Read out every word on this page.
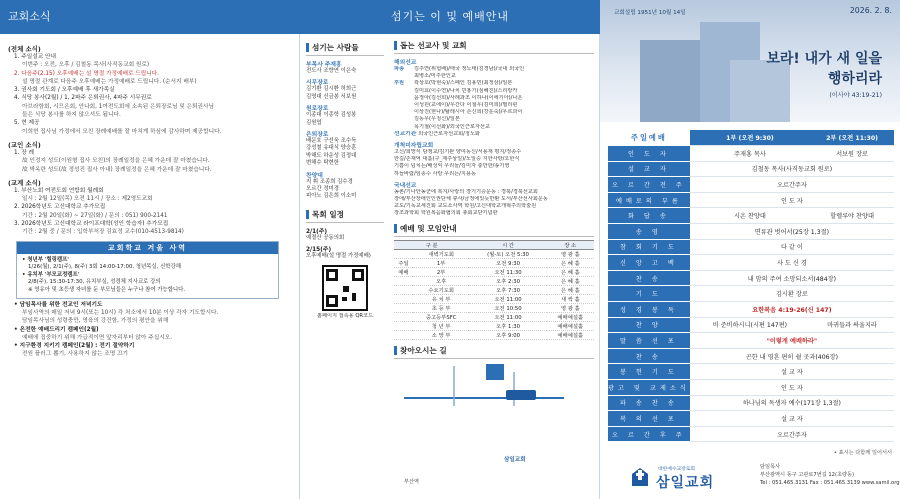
교회소식	섬기는 이 및 예배안내
(전체 소식)
1. 주일설교 안내
이번주 : 오전, 오후 / 김철동 목사(사직동교회 원로)
2. 다음주(2.15) 오후예배는 설 명절 가정예배로 드립니다.
설 명절 관계로 다음주 오후예배는 가정예배로 드립니다. (순서지 배부)
3. 권사회 기도회 / 오후예배 후 새가족실
4. 식당 봉사(2월) / 1, 2파주 은퇴권사, 4파주 시무권로
아브라함회, 시므온회, 안나회, 1여전도회에 소속된 은퇴장로님 및 은퇴권사님
들은 식당 봉사를 하지 않으셔도 됩니다.
5. 현 제공
이희현 집사님 가정에서 모친 장례예배를 잘 마치게 하심에 감사하며 제공합니다.
(교인 소식)
1. 장 례
故 인정지 성도(이원형 집사 모친)의 장례일정을 은혜 가운데 잘 마쳤습니다.
故 박옥란 성도(故 정성진 집사 아내) 장례일정을 은혜 가운데 잘 마쳤습니다.
(교계 소식)
1. 부산노회 여전도회 연합회 월례회
일시 : 2월 12일(목) 오전 11시 / 장소 : 제2영도교회
2. 2026학년도 고신대학교 추가모집
기간 : 2월 20일(화) ~ 27일(화) / 문의 : 051) 900-2141
3. 2026학년도 고신대학교 라이프대학(성인 학습자) 추가모집
기간 : 2월 중 / 문의 : 입학부처장 김효정 교수(010-4513-9814)
교회학교 겨울 사역
• 청년부 '힐링캠프'
1/26(월), 2/1(주), 8(주) 3회 14:00-17:00, 청년목실, 신학강해
• 유치부 '부모교정캠프'
2/8(주), 15:30-17:30, 유치부실, 성경체 지사교로 강의
※ 영유아 및 초등생 자녀를 둔 부모님들은 누구나 참여 가능합니다.
• 담임목사를 위한 전교인 저녁기도
부임사역의 매일 저녁 9시(또는 10시) 각 처소에서 10분 이상 각자 기도합시다.
담임목사님의 성령충만, 영육의 강건함, 가정의 평안을 위해
• 온전한 예배드리기 캠페인(2월)
예배에 집중하기 위해 가급적이면 앞자리부터 앉아 주십시오.
• 지구환경 지키기 캠페인(2월) : 전기 절약하기
전원 플러그 뽑기, 사용하지 않는 조명 끄기
섬기는 사람들
부목사 주재홍
전도사 조향연 이은숙
시무장로
김기환 김시환 허희근
김영대 신금봉 서보원
원로장로
이종대 이종학 김성봉
김원엽
은퇴장로
배문호 구선욱 조수득
강성철 유대식 양승훈
박해도 하운성 김정대
변해수 탁현한
찬양대
지 휘 조종희 김수경
오르간 정미경
피아노 김은희 이소미
목회 일정
2/1(주)
예결산 공동의회
2/15(주)
오후예배(설 명절 가정예배)
홈페이지 접속용 QR코드
돕는 선교사 및 교회
해외선교
파송 김주연(위험배)/태국 정노태(김경남)/국내 외국인
최병소/미주한인교
후원 곽상호(박현숙)/스페인 김용민(최정삼)/일본
김미효(이수연)/나치 민홍기(심혜진)/스리랑카
윤정아(김선희)/사례과조 이하나(이에기아)/나온
이성원(교에이)/우간다 이철우(김미희)/필리핀
이상진(현나)/탈레시아 손신희(강운숙)/우르과이
김동우(우청신)/일본
목기철(이선화)/외국인근로자선교
선교기관 외국인근로자선교회/청노화
개척미자립교회
고신/희망식 담쟁교/김기완 양여동신/서용재 평지/정종수
한길/손재억 대홀(구_제주상일)/노일승 지한사랑/오한식
기쁨이 넘치는/배성익 우리들/김미자 충만한/송기영
하늘바람/임종수 사랑 우리는/지용동
국내선교
농촌/기나안농군에 복지/사랑의 장기기증운동 : 경북/경북선교회
장애/부산장애인인권단체 큐사/금정에있듯반환 도서/부산선사회운동
교도/기독교세진회 교도소사역 학원/고신대학교개혁주의학술원
장조과학회 학원복음화협의회 총회교단기념관
예배 및 모임안내
구 분		시 간	장 소
	새벽기도회	(월-토) 오전 5:30	영 광 홀
주일	1부	오전 9:30	은 혜 홀
예배	2부	오전 11:30	은 혜 홀
	오후	오후 2:30	은 혜 홀
	수요기도회	오후 7:30	은 혜 홀
	유 치 부	오전 11:00	새 싹 홀
	초 등 부	오전 10:50	영 광 홀
	중고등부SFC	오전 11:00	예배예설홀
	청 년 부	오후 1:30	예배예설홀
	소 망 부	오후 9:00	예배예설홀
찾아오시는 길
삼일교회
초량역
부산역
교회설립 1951년 10월 14일	2026. 2. 8.
보라! 내가 새 일을
행하리라
(이사야 43:19-21)
주일예배	1부 (오전 9:30)	2부 (오전 11:30)
인 도 자	주재홍 목사	서보원 장로
설 교 자	김철동 목사(사직동교회 원로)	
오 르 간 전 주	오르간주자	
예배로의 부름	인 도 자	
화 답 송	시온 찬양대	할렐루야 찬양대
송 영	면류관 벗어서(25장 1,3절)	
참 회 기 도	다 같 이	
신 앙 고 백	사 도 신 경	
찬 송	내 맘의 주여 소망되소서(484장)	
기 도	김시환 장로	
성 경 봉 독	요한복음 4:19-26(신 147)	
찬 양	비 준비하시니(시편 147편)	마귀들과 싸울지라
말 씀 선 포	"이렇게 예배하라"	
찬 송	곤한 내 영혼 편히 쉴 곳과(406장)	
봉 헌 기 도	설 교 자	
광고 및 교제소식	인 도 자	
파 송 찬 송	하나님의 독생자 예수(171장 1,3절)	
복 의 선 포	설 교 자	
오 르 간 후 주	오르간주자	
• 표시는 다함께 일어서서
대한예수교장로회
삼일교회
담임목사
부산광역시 동구 고관로7번길 12(초량동)
Tel : 051.465.3131 Fax : 051.465.3139 www.samil.org
